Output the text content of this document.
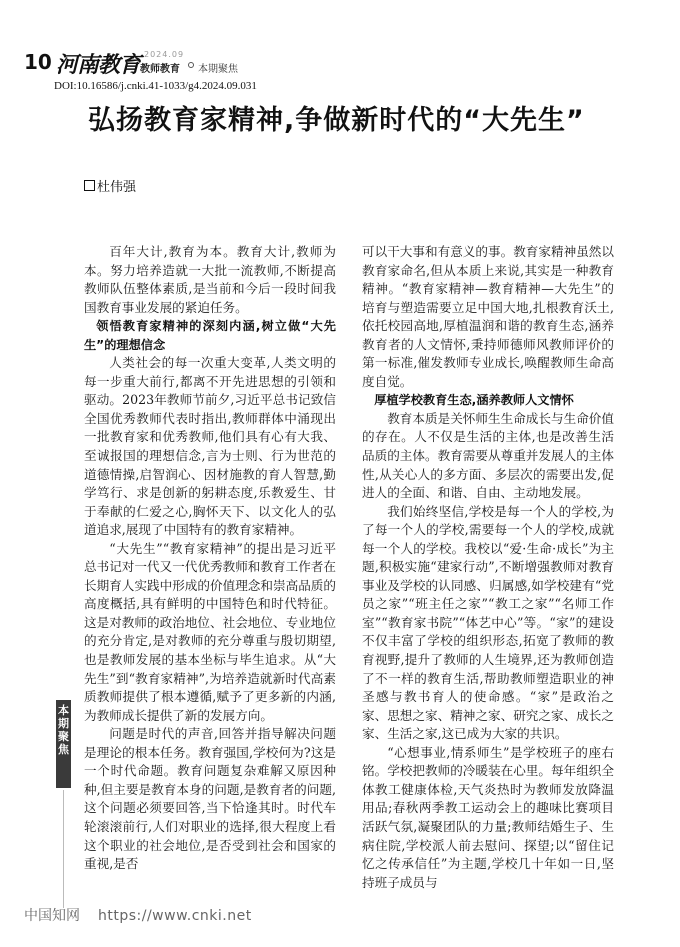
10 河南教育 2024.09
教师教育 本期聚焦
DOI:10.16586/j.cnki.41-1033/g4.2024.09.031
弘扬教育家精神,争做新时代的“大先生”
杜伟强

百年大计,教育为本。教育大计,教师为本。努力培养造就一大批一流教师,不断提高教师队伍整体素质,是当前和今后一段时间我国教育事业发展的紧迫任务。

领悟教育家精神的深刻内涵,树立做“大先生”的理想信念

人类社会的每一次重大变革,人类文明的每一步重大前行,都离不开先进思想的引领和驱动。2023年教师节前夕,习近平总书记致信全国优秀教师代表时指出,教师群体中涌现出一批教育家和优秀教师,他们具有心有大我、至诚报国的理想信念,言为士则、行为世范的道德情操,启智润心、因材施教的育人智慧,勤学笃行、求是创新的躬耕态度,乐教爱生、甘于奉献的仁爱之心,胸怀天下、以文化人的弘道追求,展现了中国特有的教育家精神。

“大先生”“教育家精神”的提出是习近平总书记对一代又一代优秀教师和教育工作者在长期育人实践中形成的价值理念和崇高品质的高度概括,具有鲜明的中国特色和时代特征。这是对教师的政治地位、社会地位、专业地位的充分肯定,是对教师的充分尊重与殷切期望,也是教师发展的基本坐标与毕生追求。从“大先生”到“教育家精神”,为培养造就新时代高素质教师提供了根本遵循,赋予了更多新的内涵,为教师成长提供了新的发展方向。

问题是时代的声音,回答并指导解决问题是理论的根本任务。教育强国,学校何为?这是一个时代命题。教育问题复杂难解又原因种种,但主要是教育本身的问题,是教育者的问题,这个问题必须要回答,当下恰逢其时。时代车轮滚滚前行,人们对职业的选择,很大程度上看这个职业的社会地位,是否受到社会和国家的重视,是否

可以干大事和有意义的事。教育家精神虽然以教育家命名,但从本质上来说,其实是一种教育精神。“教育家精神—教育精神—大先生”的培育与塑造需要立足中国大地,扎根教育沃土,依托校园高地,厚植温润和谐的教育生态,涵养教育者的人文情怀,秉持师德师风教师评价的第一标准,催发教师专业成长,唤醒教师生命高度自觉。

厚植学校教育生态,涵养教师人文情怀

教育本质是关怀师生生命成长与生命价值的存在。人不仅是生活的主体,也是改善生活品质的主体。教育需要从尊重并发展人的主体性,从关心人的多方面、多层次的需要出发,促进人的全面、和谐、自由、主动地发展。

我们始终坚信,学校是每一个人的学校,为了每一个人的学校,需要每一个人的学校,成就每一个人的学校。我校以“爱·生命·成长”为主题,积极实施“建家行动”,不断增强教师对教育事业及学校的认同感、归属感,如学校建有“党员之家”“班主任之家”“教工之家”“名师工作室”“教育家书院”“体艺中心”等。“家”的建设不仅丰富了学校的组织形态,拓宽了教师的教育视野,提升了教师的人生境界,还为教师创造了不一样的教育生活,帮助教师塑造职业的神圣感与教书育人的使命感。“家”是政治之家、思想之家、精神之家、研究之家、成长之家、生活之家,这已成为大家的共识。

“心想事业,情系师生”是学校班子的座右铭。学校把教师的冷暖装在心里。每年组织全体教工健康体检,天气炎热时为教师发放降温用品;春秋两季教工运动会上的趣味比赛项目活跃气氛,凝聚团队的力量;教师结婚生子、生病住院,学校派人前去慰问、探望;以“留住记忆之传承信任”为主题,学校几十年如一日,坚持班子成员与

本
期
聚
焦
中国知网 https://www.cnki.net
